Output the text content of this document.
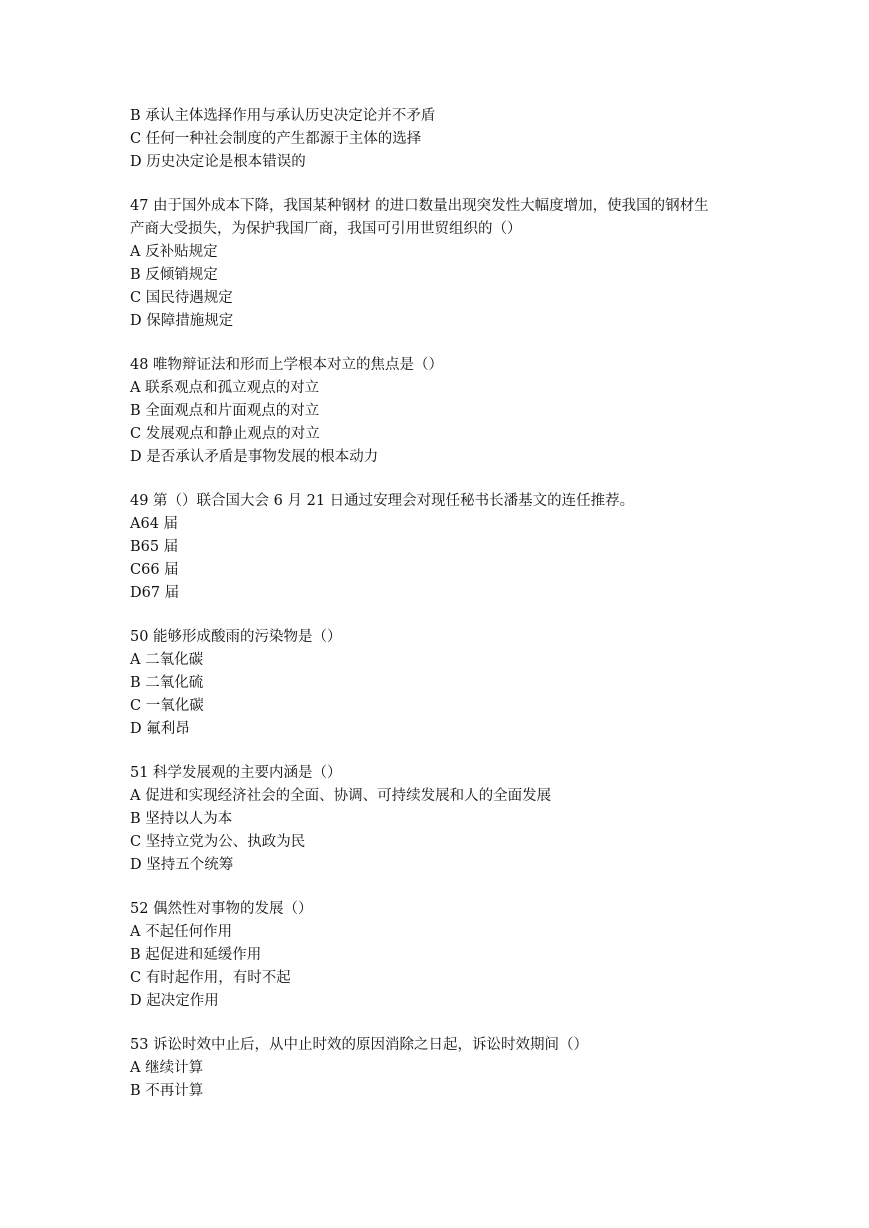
B 承认主体选择作用与承认历史决定论并不矛盾
C 任何一种社会制度的产生都源于主体的选择
D 历史决定论是根本错误的
47 由于国外成本下降，我国某种钢材 的进口数量出现突发性大幅度增加，使我国的钢材生
产商大受损失，为保护我国厂商，我国可引用世贸组织的（）
A 反补贴规定
B 反倾销规定
C 国民待遇规定
D 保障措施规定
48 唯物辩证法和形而上学根本对立的焦点是（）
A 联系观点和孤立观点的对立
B 全面观点和片面观点的对立
C 发展观点和静止观点的对立
D 是否承认矛盾是事物发展的根本动力
49 第（）联合国大会 6 月 21 日通过安理会对现任秘书长潘基文的连任推荐。
A64 届
B65 届
C66 届
D67 届
50 能够形成酸雨的污染物是（）
A 二氧化碳
B 二氧化硫
C 一氧化碳
D 氟利昂
51 科学发展观的主要内涵是（）
A 促进和实现经济社会的全面、协调、可持续发展和人的全面发展
B 坚持以人为本
C 坚持立党为公、执政为民
D 坚持五个统筹
52 偶然性对事物的发展（）
A 不起任何作用
B 起促进和延缓作用
C 有时起作用，有时不起
D 起决定作用
53 诉讼时效中止后，从中止时效的原因消除之日起，诉讼时效期间（）
A 继续计算
B 不再计算
